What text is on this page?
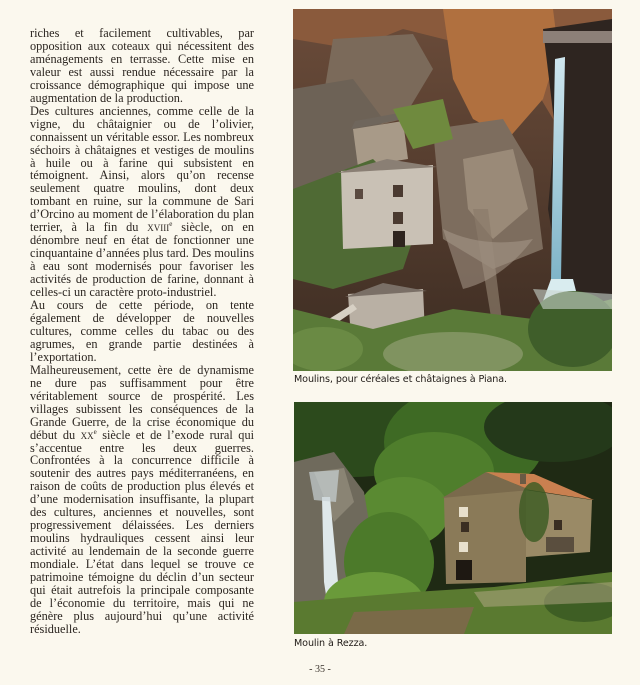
riches et facilement cultivables, par opposition aux coteaux qui nécessitent des aménagements en terrasse. Cette mise en valeur est aussi rendue nécessaire par la croissance démographique qui impose une augmentation de la production.

Des cultures anciennes, comme celle de la vigne, du châtaignier ou de l’olivier, connaissent un véritable essor. Les nombreux séchoirs à châtaignes et vestiges de moulins à huile ou à farine qui subsistent en témoignent. Ainsi, alors qu’on recense seulement quatre moulins, dont deux tombant en ruine, sur la commune de Sari d’Orcino au moment de l’élaboration du plan terrier, à la fin du xviii$^e$ siècle, on en dénombre neuf en état de fonctionner une cinquantaine d’années plus tard. Des moulins à eau sont modernisés pour favoriser les activités de production de farine, donnant à celles-ci un caractère proto-industriel.

Au cours de cette période, on tente également de développer de nouvelles cultures, comme celles du tabac ou des agrumes, en grande partie destinées à l’exportation.

Malheureusement, cette ère de dynamisme ne dure pas suffisamment pour être véritablement source de prospérité. Les villages subissent les conséquences de la Grande Guerre, de la crise économique du début du $xx^e$ siècle et de l’exode rural qui s’accentue entre les deux guerres. Confrontées à la concurrence difficile à soutenir des autres pays méditerranéens, en raison de coûts de production plus élevés et d’une modernisation insuffisante, la plupart des cultures, anciennes et nouvelles, sont progressivement délaissées. Les derniers moulins hydrauliques cessent ainsi leur activité au lendemain de la seconde guerre mondiale. L’état dans lequel se trouve ce patrimoine témoigne du déclin d’un secteur qui était autrefois la principale composante de l’économie du territoire, mais qui ne génère plus aujourd’hui qu’une activité résiduelle.

Moulins, pour céréales et châtaignes à Piana.
Moulin à Rezza.
- 35 -
